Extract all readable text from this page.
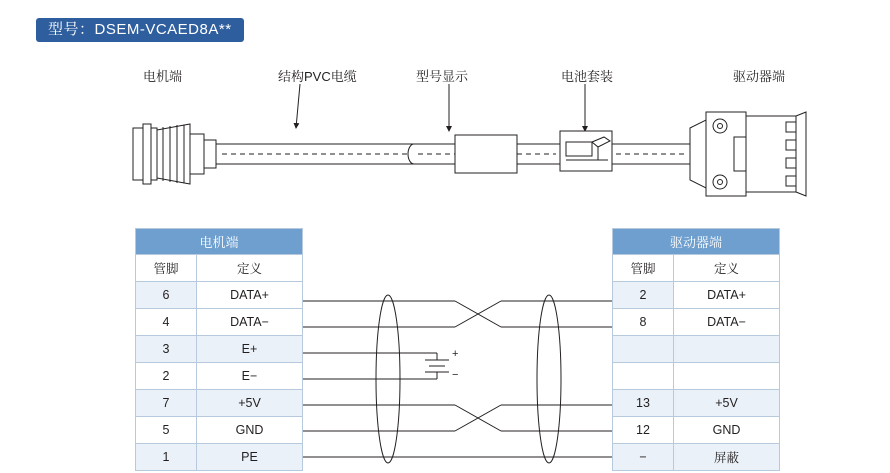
型号：DSEM-VCAED8A**
电机端	结构PVC电缆	型号显示	电池套装	驱动器端
+
−
电机端	
管脚	定义
6	DATA+
4	DATA−
3	E+
2	E−
7	+5V
5	GND
1	PE
驱动器端	
管脚	定义
2	DATA+
8	DATA−

13	+5V
12	GND
−	屏蔽
